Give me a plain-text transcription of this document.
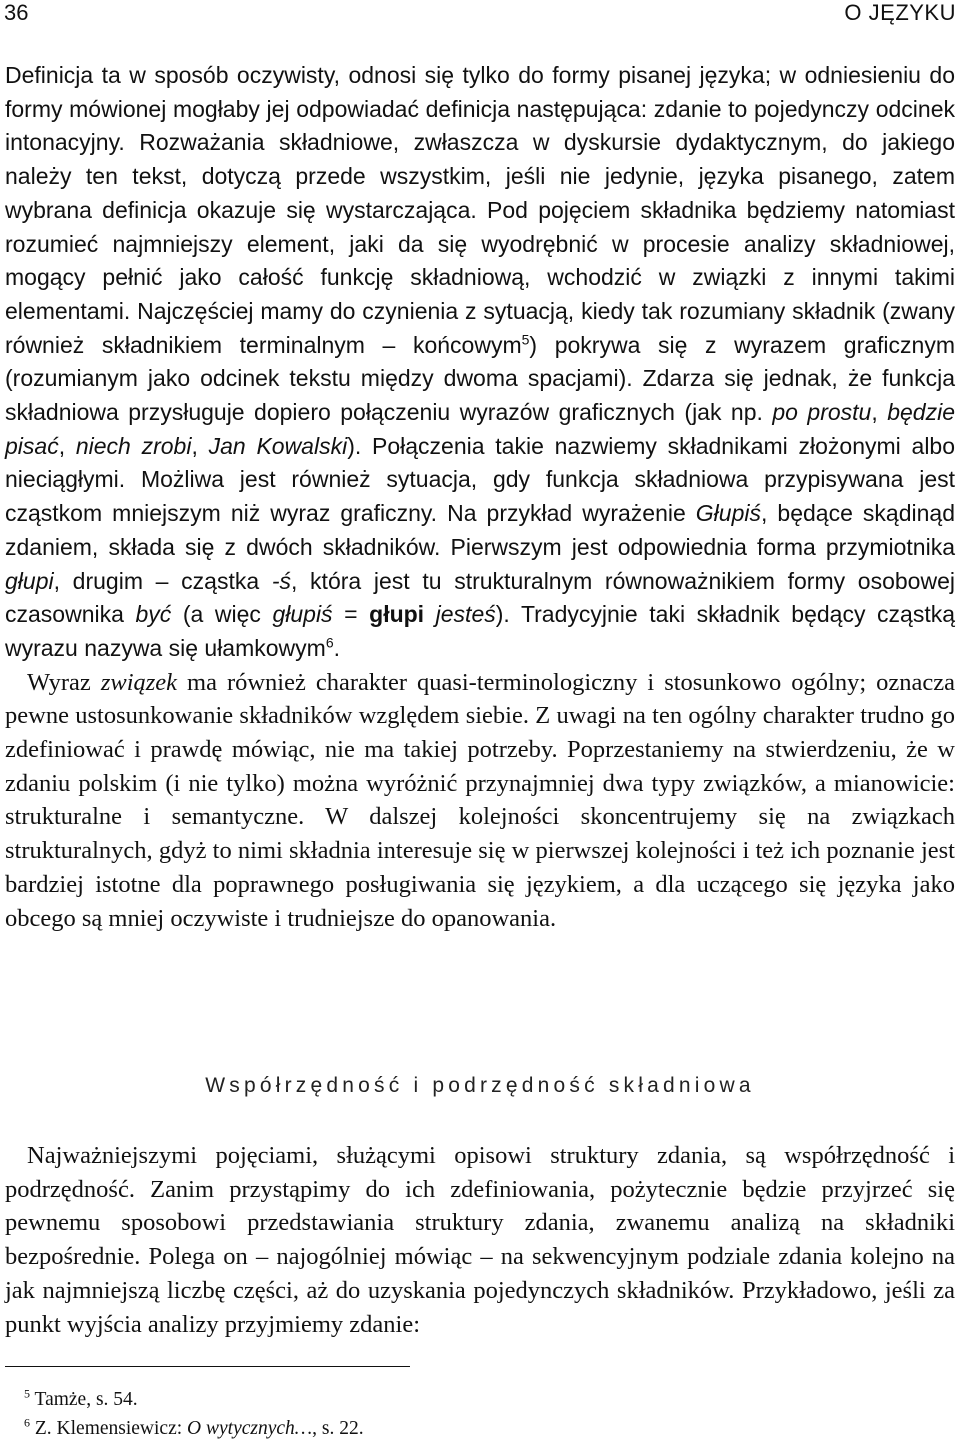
36	O JĘZYKU

Definicja ta w sposób oczywisty, odnosi się tylko do formy pisanej języka; w odniesieniu do formy mówionej mogłaby jej odpowiadać definicja następująca: zdanie to pojedynczy odcinek intonacyjny. Rozważania składniowe, zwłaszcza w dyskursie dydaktycznym, do jakiego należy ten tekst, dotyczą przede wszystkim, jeśli nie jedynie, języka pisanego, zatem wybrana definicja okazuje się wystarczająca. Pod pojęciem składnika będziemy natomiast rozumieć najmniejszy element, jaki da się wyodrębnić w procesie analizy składniowej, mogący pełnić jako całość funkcję składniową, wchodzić w związki z innymi takimi elementami. Najczęściej mamy do czynienia z sytuacją, kiedy tak rozumiany składnik (zwany również składnikiem terminalnym – końcowym$^5$) pokrywa się z wyrazem graficznym (rozumianym jako odcinek tekstu między dwoma spacjami). Zdarza się jednak, że funkcja składniowa przysługuje dopiero połączeniu wyrazów graficznych (jak np. po prostu, będzie pisać, niech zrobi, Jan Kowalski). Połączenia takie nazwiemy składnikami złożonymi albo nieciągłymi. Możliwa jest również sytuacja, gdy funkcja składniowa przypisywana jest cząstkom mniejszym niż wyraz graficzny. Na przykład wyrażenie Głupiś, będące skądinąd zdaniem, składa się z dwóch składników. Pierwszym jest odpowiednia forma przymiotnika głupi, drugim – cząstka -ś, która jest tu strukturalnym równoważnikiem formy osobowej czasownika być (a więc głupiś = głupi jesteś). Tradycyjnie taki składnik będący cząstką wyrazu nazywa się ułamkowym$^6$.

Wyraz związek ma również charakter quasi-terminologiczny i stosunkowo ogólny; oznacza pewne ustosunkowanie składników względem siebie. Z uwagi na ten ogólny charakter trudno go zdefiniować i prawdę mówiąc, nie ma takiej potrzeby. Poprzestaniemy na stwierdzeniu, że w zdaniu polskim (i nie tylko) można wyróżnić przynajmniej dwa typy związków, a mianowicie: strukturalne i semantyczne. W dalszej kolejności skoncentrujemy się na związkach strukturalnych, gdyż to nimi składnia interesuje się w pierwszej kolejności i też ich poznanie jest bardziej istotne dla poprawnego posługiwania się językiem, a dla uczącego się języka jako obcego są mniej oczywiste i trudniejsze do opanowania.

Współrzędność i podrzędność składniowa

Najważniejszymi pojęciami, służącymi opisowi struktury zdania, są współrzędność i podrzędność. Zanim przystąpimy do ich zdefiniowania, pożytecznie będzie przyjrzeć się pewnemu sposobowi przedstawiania struktury zdania, zwanemu analizą na składniki bezpośrednie. Polega on – najogólniej mówiąc – na sekwencyjnym podziale zdania kolejno na jak najmniejszą liczbę części, aż do uzyskania pojedynczych składników. Przykładowo, jeśli za punkt wyjścia analizy przyjmiemy zdanie:

$^5$ Tamże, s. 54.

$^6$ Z. Klemensiewicz: O wytycznych…, s. 22.
